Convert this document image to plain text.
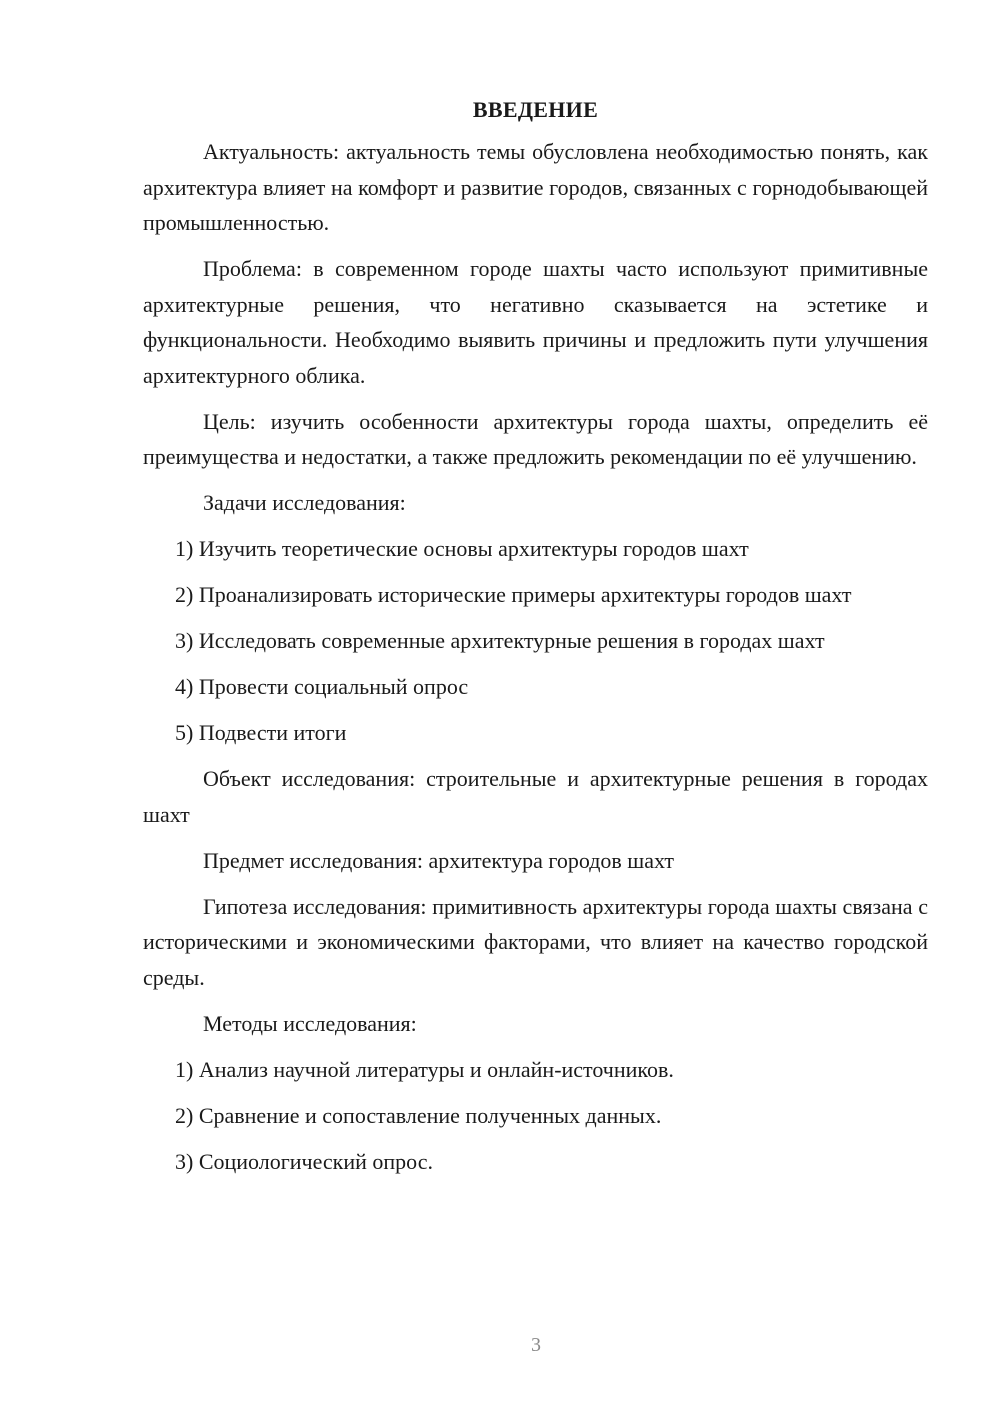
ВВЕДЕНИЕ

Актуальность: актуальность темы обусловлена необходимостью понять, как архитектура влияет на комфорт и развитие городов, связанных с горнодобывающей промышленностью.

Проблема: в современном городе шахты часто используют примитивные архитектурные решения, что негативно сказывается на эстетике и функциональности. Необходимо выявить причины и предложить пути улучшения архитектурного облика.

Цель: изучить особенности архитектуры города шахты, определить её преимущества и недостатки, а также предложить рекомендации по её улучшению.

Задачи исследования:

1) Изучить теоретические основы архитектуры городов шахт

2) Проанализировать исторические примеры архитектуры городов шахт

3) Исследовать современные архитектурные решения в городах шахт

4) Провести социальный опрос

5) Подвести итоги

Объект исследования: строительные и архитектурные решения в городах шахт

Предмет исследования: архитектура городов шахт

Гипотеза исследования: примитивность архитектуры города шахты связана с историческими и экономическими факторами, что влияет на качество городской среды.

Методы исследования:

1) Анализ научной литературы и онлайн-источников.

2) Сравнение и сопоставление полученных данных.

3) Социологический опрос.

3
